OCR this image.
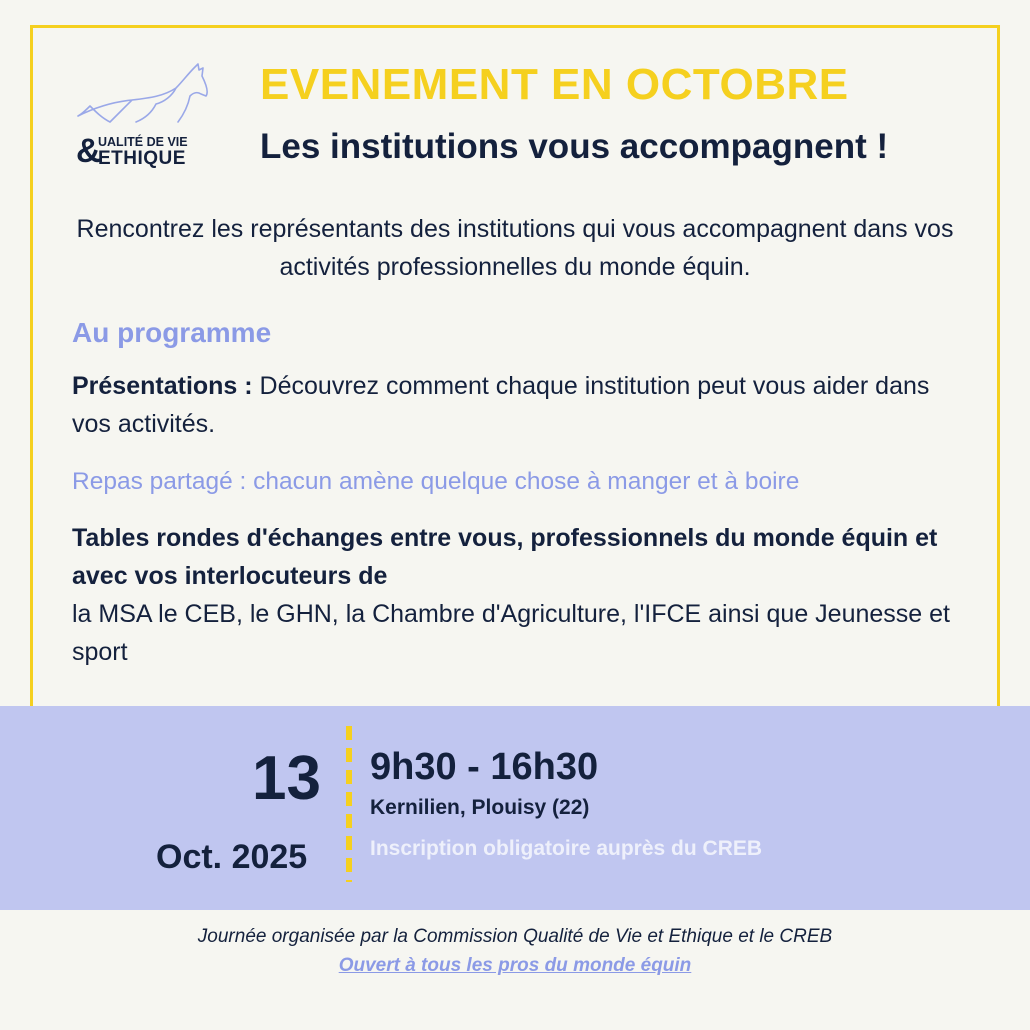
& UALITÉ DE VIE
ETHIQUE
EVENEMENT EN OCTOBRE
Les institutions vous accompagnent !
Rencontrez les représentants des institutions qui vous accompagnent dans vos activités professionnelles du monde équin.
Au programme
Présentations : Découvrez comment chaque institution peut vous aider dans vos activités.
Repas partagé : chacun amène quelque chose à manger et à boire
Tables rondes d'échanges entre vous, professionnels du monde équin et avec vos interlocuteurs de
la MSA le CEB, le GHN, la Chambre d'Agriculture, l'IFCE ainsi que Jeunesse et sport
13
Oct. 2025
9h30 - 16h30
Kernilien, Plouisy (22)
Inscription obligatoire auprès du CREB
Journée organisée par la Commission Qualité de Vie et Ethique et le CREB
Ouvert à tous les pros du monde équin
